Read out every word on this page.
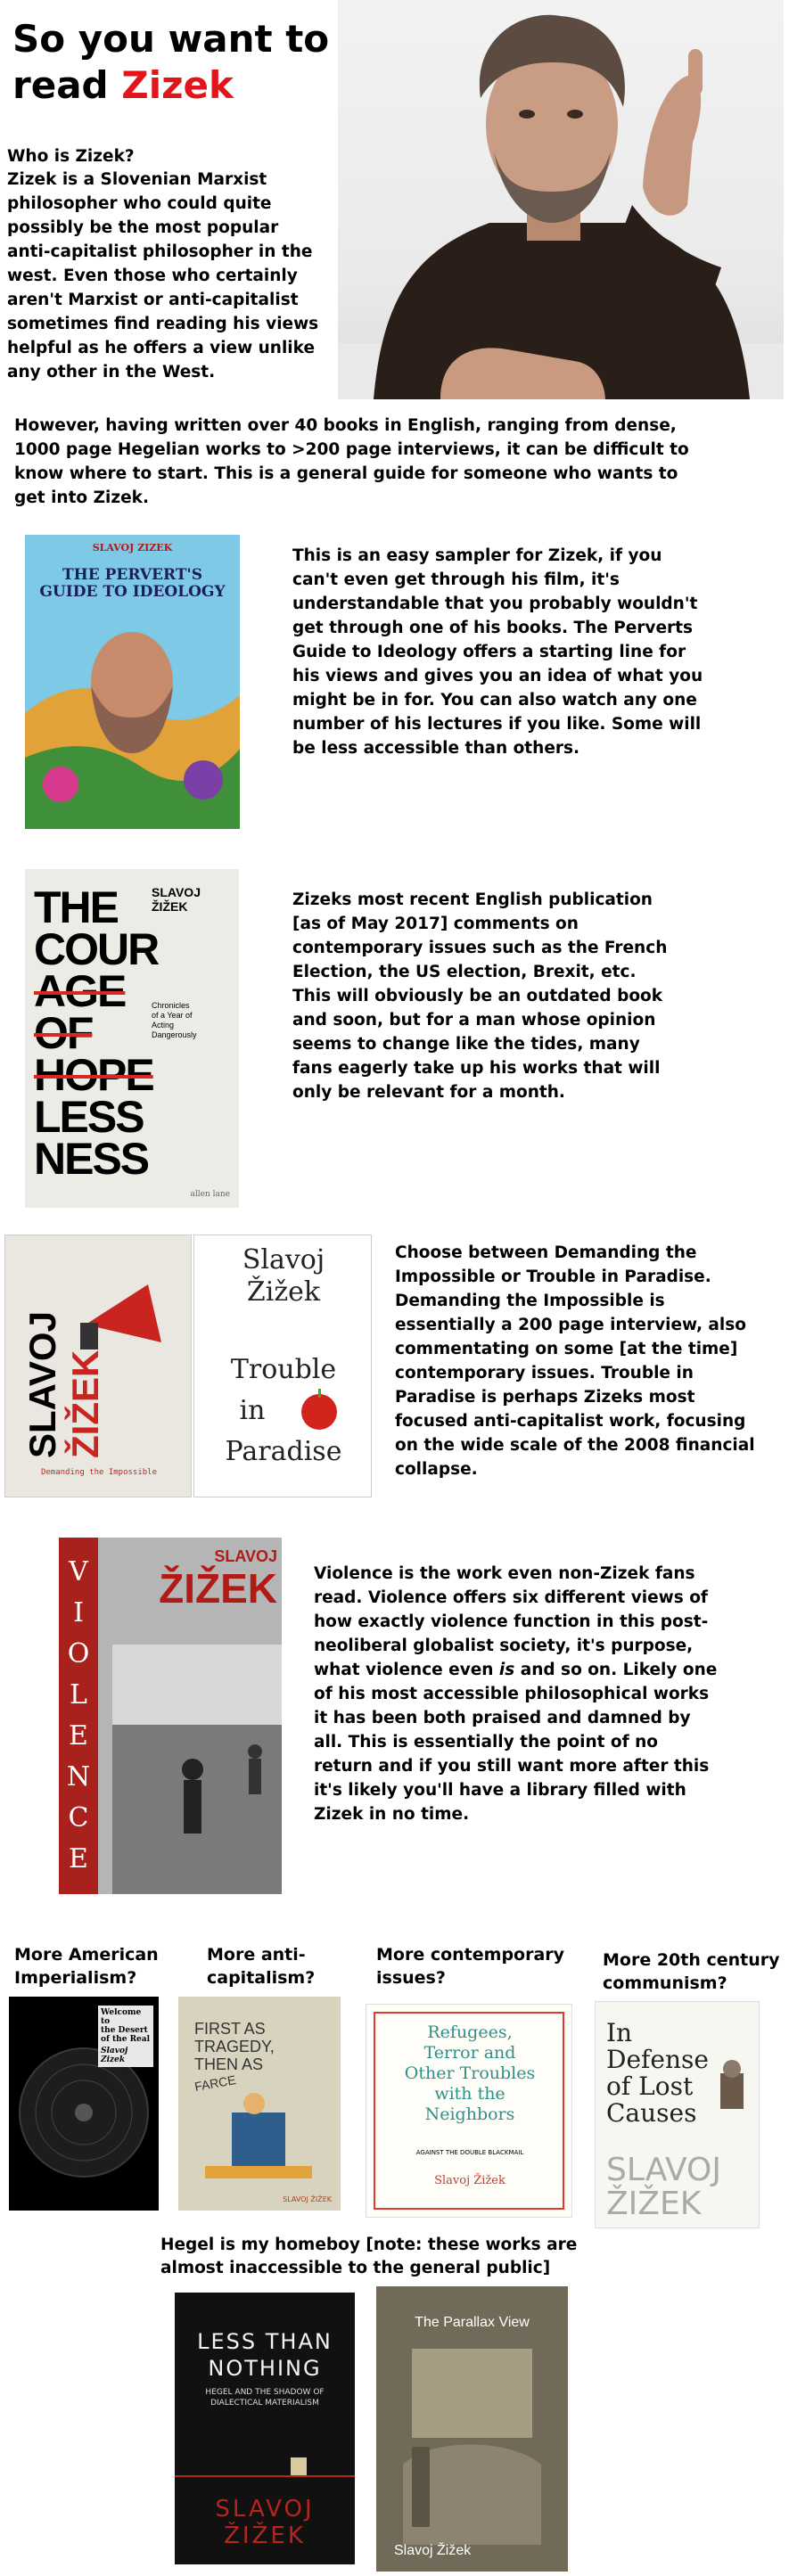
So you want to
read Zizek
Who is Zizek?
Zizek is a Slovenian Marxist
philosopher who could quite
possibly be the most popular
anti-capitalist philosopher in the
west. Even those who certainly
aren't Marxist or anti-capitalist
sometimes find reading his views
helpful as he offers a view unlike
any other in the West.
However, having written over 40 books in English, ranging from dense,
1000 page Hegelian works to >200 page interviews, it can be difficult to
know where to start. This is a general guide for someone who wants to
get into Zizek.
SLAVOJ ZIZEK
THE PERVERT'S
GUIDE TO IDEOLOGY
This is an easy sampler for Zizek, if you
can't even get through his film, it's
understandable that you probably wouldn't
get through one of his books. The Perverts
Guide to Ideology offers a starting line for
his views and gives you an idea of what you
might be in for. You can also watch any one
number of his lectures if you like. Some will
be less accessible than others.
THE
COUR
AGE
OF
HOPE
LESS
NESS
SLAVOJ
ŽIŽEK
Chronicles
of a Year of
Acting
Dangerously
allen lane
Zizeks most recent English publication
[as of May 2017] comments on
contemporary issues such as the French
Election, the US election, Brexit, etc.
This will obviously be an outdated book
and soon, but for a man whose opinion
seems to change like the tides, many
fans eagerly take up his works that will
only be relevant for a month.
SLAVOJ ŽIŽEK
Demanding the Impossible
Slavoj
Žižek
Trouble
in
Paradise
Choose between Demanding the
Impossible or Trouble in Paradise.
Demanding the Impossible is
essentially a 200 page interview, also
commentating on some [at the time]
contemporary issues. Trouble in
Paradise is perhaps Zizeks most
focused anti-capitalist work, focusing
on the wide scale of the 2008 financial
collapse.
V
I
O
L
E
N
C
E
SLAVOJ
ŽIŽEK Violence is the work even non-Zizek fans
read. Violence offers six different views of
how exactly violence function in this post-
neoliberal globalist society, it's purpose,
what violence even is and so on. Likely one
of his most accessible philosophical works
it has been both praised and damned by
all. This is essentially the point of no
return and if you still want more after this
it's likely you'll have a library filled with
Zizek in no time.
More American
Imperialism?
More anti-
capitalism?
More contemporary
issues?
More 20th century
communism?
Welcome to
the Desert
of the Real
Slavoj Zizek
FIRST AS
TRAGEDY,
THEN AS
FARCE
SLAVOJ ŽIŽEK
Refugees,
Terror and
Other Troubles
with the
Neighbors
AGAINST THE DOUBLE BLACKMAIL
Slavoj Žižek
In
Defense
of Lost
Causes
SLAVOJ
ŽIŽEK
Hegel is my homeboy [note: these works are
almost inaccessible to the general public]
LESS THAN
NOTHING
HEGEL AND THE SHADOW OF
DIALECTICAL MATERIALISM
SLAVOJ
ŽIŽEK
The Parallax View
Slavoj Žižek
